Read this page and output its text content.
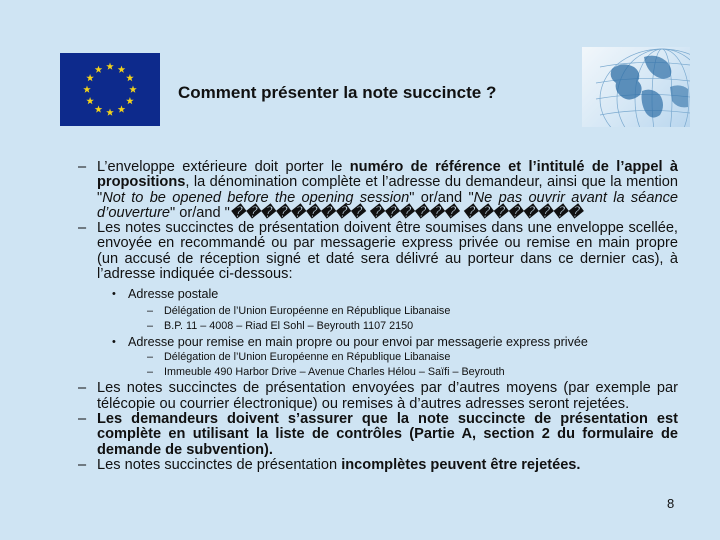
Comment présenter la note succincte ?
– L’enveloppe extérieure doit porter le numéro de référence et l’intitulé de l’appel à propositions, la dénomination complète et l’adresse du demandeur, ainsi que la mention "Not to be opened before the opening session" or/and "Ne pas ouvrir avant la séance d’ouverture" or/and "��������� ������ ��������
– Les notes succinctes de présentation doivent être soumises dans une enveloppe scellée, envoyée en recommandé ou par messagerie express privée ou remise en main propre (un accusé de réception signé et daté sera délivré au porteur dans ce dernier cas), à l’adresse indiquée ci-dessous:
• Adresse postale
– Délégation de l’Union Européenne en République Libanaise
– B.P. 11 – 4008 – Riad El Sohl – Beyrouth 1107 2150
• Adresse pour remise en main propre ou pour envoi par messagerie express privée
– Délégation de l’Union Européenne en République Libanaise
– Immeuble 490 Harbor Drive – Avenue Charles Hélou – Saïfi – Beyrouth
– Les notes succinctes de présentation envoyées par d’autres moyens (par exemple par télécopie ou courrier électronique) ou remises à d’autres adresses seront rejetées.
– Les demandeurs doivent s’assurer que la note succincte de présentation est complète en utilisant la liste de contrôles (Partie A, section 2 du formulaire de demande de subvention).
– Les notes succinctes de présentation incomplètes peuvent être rejetées.
8
